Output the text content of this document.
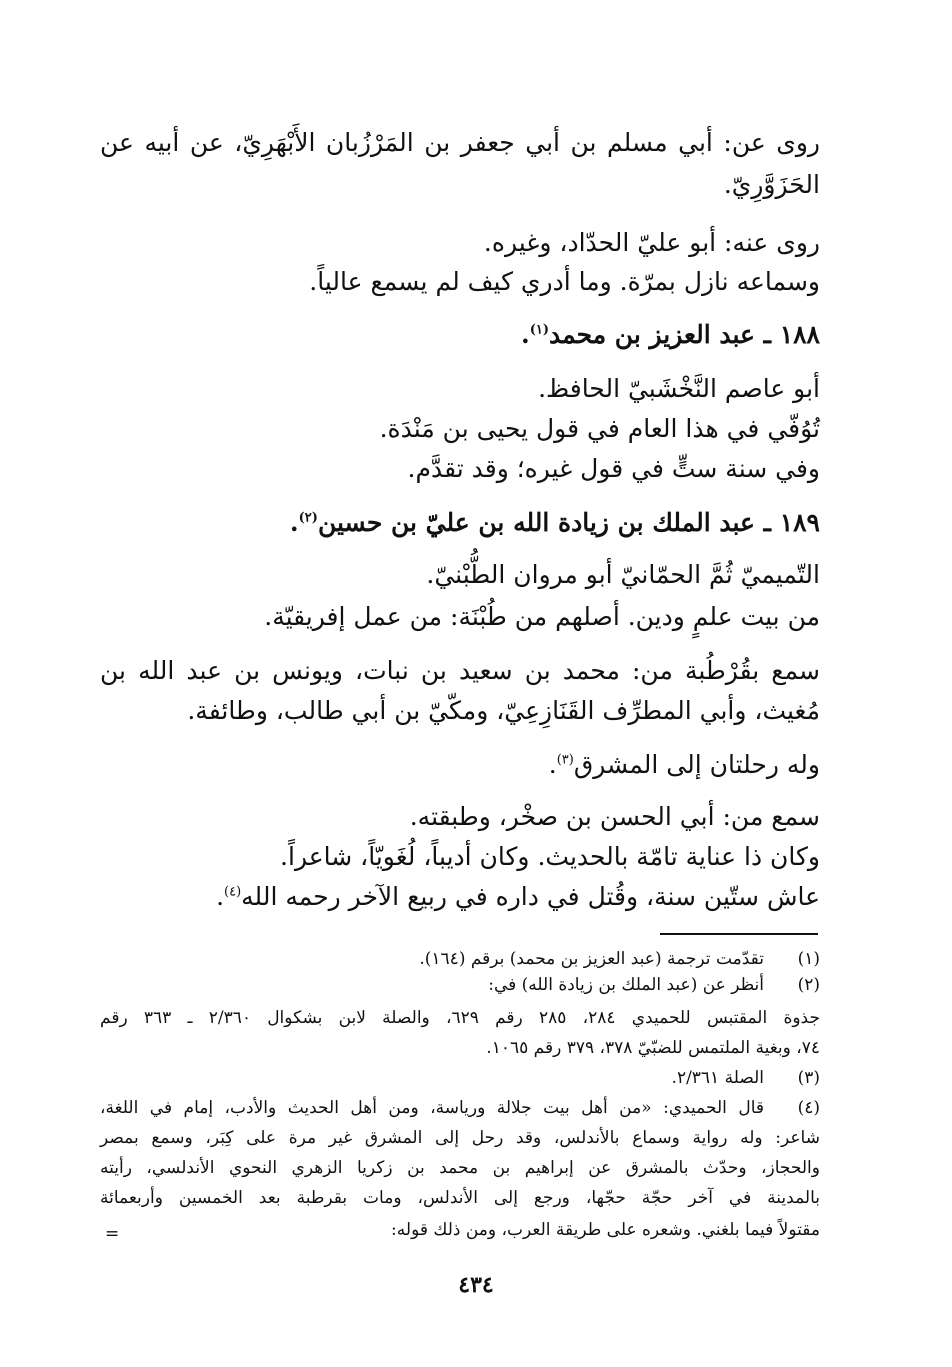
روى عن: أبي مسلم بن أبي جعفر بن المَرْزُبان الأَبْهَرِيّ، عن أبيه عن
الحَزَوَّرِيّ.
روى عنه: أبو عليّ الحدّاد، وغيره.
وسماعه نازل بمرّة. وما أدري كيف لم يسمع عالياً.
۱۸۸ ـ عبد العزيز بن محمد$^{(١)}$.
أبو عاصم النَّخْشَبيّ الحافظ.
تُوُفّي في هذا العام في قول يحيى بن مَنْدَة.
وفي سنة ستٍّ في قول غيره؛ وقد تقدَّم.
۱۸۹ ـ عبد الملك بن زيادة الله بن عليّ بن حسين$^{(٢)}$.
التّميميّ ثُمَّ الحمّانيّ أبو مروان الطُّبْنيّ.
من بيت علمٍ ودين. أصلهم من طُبْنَة: من عمل إفريقيّة.
سمع بقُرْطُبة من: محمد بن سعيد بن نبات، ويونس بن عبد الله بن
مُغيث، وأبي المطرِّف القَنَازِعِيّ، ومكّيّ بن أبي طالب، وطائفة.
وله رحلتان إلى المشرق$^{(٣)}$.
سمع من: أبي الحسن بن صخْر، وطبقته.
وكان ذا عناية تامّة بالحديث. وكان أديباً، لُغَويّاً، شاعراً.
عاش ستّين سنة، وقُتل في داره في ربيع الآخر رحمه الله$^{(٤)}$.
(١)
تقدّمت ترجمة (عبد العزيز بن محمد) برقم (١٦٤).
(٢)
أنظر عن (عبد الملك بن زيادة الله) في:
جذوة المقتبس للحميدي ٢٨٤، ٢٨٥ رقم ٦٢٩، والصلة لابن بشكوال ٢/٣٦٠ ـ ٣٦٣ رقم
٧٤، وبغية الملتمس للضبّيّ ٣٧٨، ٣٧٩ رقم ١٠٦٥.
(٣)
الصلة ٢/٣٦١.
(٤)
قال الحميدي: «من أهل بيت جلالة ورياسة، ومن أهل الحديث والأدب، إمام في اللغة،
شاعر: وله رواية وسماع بالأندلس، وقد رحل إلى المشرق غير مرة على كِبَر، وسمع بمصر
والحجاز، وحدّث بالمشرق عن إبراهيم بن محمد بن زكريا الزهري النحوي الأندلسي، رأيته
بالمدينة في آخر حجّة حجّها، ورجع إلى الأندلس، ومات بقرطبة بعد الخمسين وأربعمائة
مقتولاً فيما بلغني. وشعره على طريقة العرب، ومن ذلك قوله:
=
٤٣٤
